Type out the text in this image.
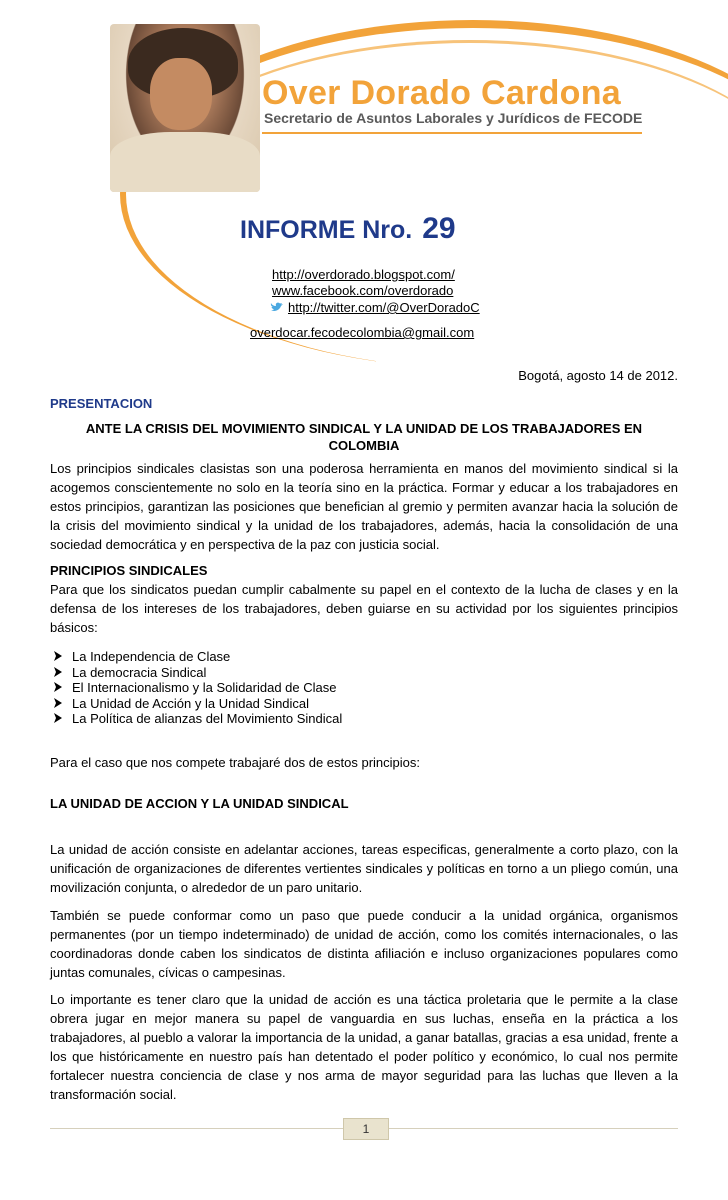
Over Dorado Cardona
Secretario de Asuntos Laborales y Jurídicos de FECODE
INFORME Nro. 29
http://overdorado.blogspot.com/
www.facebook.com/overdorado
http://twitter.com/@OverDoradoC
overdocar.fecodecolombia@gmail.com
Bogotá, agosto 14 de 2012.
PRESENTACION
ANTE LA CRISIS DEL MOVIMIENTO SINDICAL Y LA UNIDAD DE LOS TRABAJADORES EN COLOMBIA

Los principios sindicales clasistas son una poderosa herramienta en manos del movimiento sindical si la acogemos conscientemente no solo en la teoría sino en la práctica. Formar y educar a los trabajadores en estos principios, garantizan las posiciones que benefician al gremio y permiten avanzar hacia la solución de la crisis del movimiento sindical y la unidad de los trabajadores, además, hacia la consolidación de una sociedad democrática y en perspectiva de la paz con justicia social.

PRINCIPIOS SINDICALES

Para que los sindicatos puedan cumplir cabalmente su papel en el contexto de la lucha de clases y en la defensa de los intereses de los trabajadores, deben guiarse en su actividad por los siguientes principios básicos:

La Independencia de Clase
La democracia Sindical
El Internacionalismo y la Solidaridad de Clase
La Unidad de Acción y la Unidad Sindical
La Política de alianzas del Movimiento Sindical

Para el caso que nos compete trabajaré dos de estos principios:

LA UNIDAD DE ACCION Y LA UNIDAD SINDICAL

La unidad de acción consiste en adelantar acciones, tareas especificas, generalmente a corto plazo, con la unificación de organizaciones de diferentes vertientes sindicales y políticas en torno a un pliego común, una movilización conjunta, o alrededor de un paro unitario.

También se puede conformar como un paso que puede conducir a la unidad orgánica, organismos permanentes (por un tiempo indeterminado) de unidad de acción, como los comités internacionales, o las coordinadoras donde caben los sindicatos de distinta afiliación e incluso organizaciones populares como juntas comunales, cívicas o campesinas.

Lo importante es tener claro que la unidad de acción es una táctica proletaria que le permite a la clase obrera jugar en mejor manera su papel de vanguardia en sus luchas, enseña en la práctica a los trabajadores, al pueblo a valorar la importancia de la unidad, a ganar batallas, gracias a esa unidad, frente a los que históricamente en nuestro país han detentado el poder político y económico, lo cual nos permite fortalecer nuestra conciencia de clase y nos arma de mayor seguridad para las luchas que lleven a la transformación social.

1
